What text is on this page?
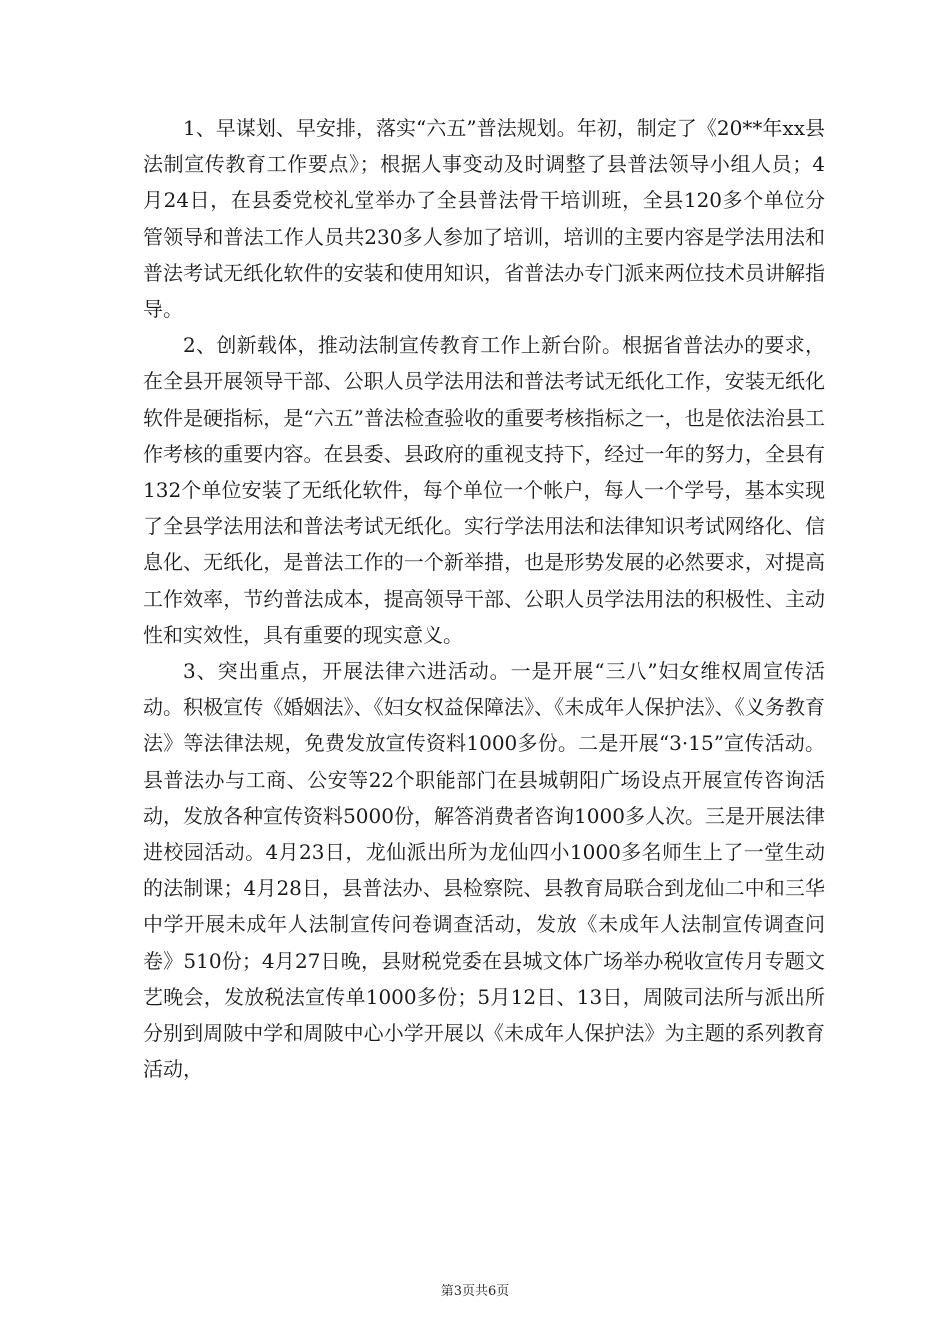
1、早谋划、早安排，落实“六五”普法规划。年初，制定了《20**年xx县法制宣传教育工作要点》；根据人事变动及时调整了县普法领导小组人员；4月24日，在县委党校礼堂举办了全县普法骨干培训班，全县120多个单位分管领导和普法工作人员共230多人参加了培训，培训的主要内容是学法用法和普法考试无纸化软件的安装和使用知识，省普法办专门派来两位技术员讲解指导。

2、创新载体，推动法制宣传教育工作上新台阶。根据省普法办的要求，在全县开展领导干部、公职人员学法用法和普法考试无纸化工作，安装无纸化软件是硬指标，是“六五”普法检查验收的重要考核指标之一，也是依法治县工作考核的重要内容。在县委、县政府的重视支持下，经过一年的努力，全县有132个单位安装了无纸化软件，每个单位一个帐户，每人一个学号，基本实现了全县学法用法和普法考试无纸化。实行学法用法和法律知识考试网络化、信息化、无纸化，是普法工作的一个新举措，也是形势发展的必然要求，对提高工作效率，节约普法成本，提高领导干部、公职人员学法用法的积极性、主动性和实效性，具有重要的现实意义。

3、突出重点，开展法律六进活动。一是开展“三八”妇女维权周宣传活动。积极宣传《婚姻法》、《妇女权益保障法》、《未成年人保护法》、《义务教育法》等法律法规，免费发放宣传资料1000多份。二是开展“3·15”宣传活动。县普法办与工商、公安等22个职能部门在县城朝阳广场设点开展宣传咨询活动，发放各种宣传资料5000份，解答消费者咨询1000多人次。三是开展法律进校园活动。4月23日，龙仙派出所为龙仙四小1000多名师生上了一堂生动的法制课；4月28日，县普法办、县检察院、县教育局联合到龙仙二中和三华中学开展未成年人法制宣传问卷调查活动，发放《未成年人法制宣传调查问卷》510份；4月27日晚，县财税党委在县城文体广场举办税收宣传月专题文艺晚会，发放税法宣传单1000多份；5月12日、13日，周陂司法所与派出所分别到周陂中学和周陂中心小学开展以《未成年人保护法》为主题的系列教育活动，

第3页共6页
